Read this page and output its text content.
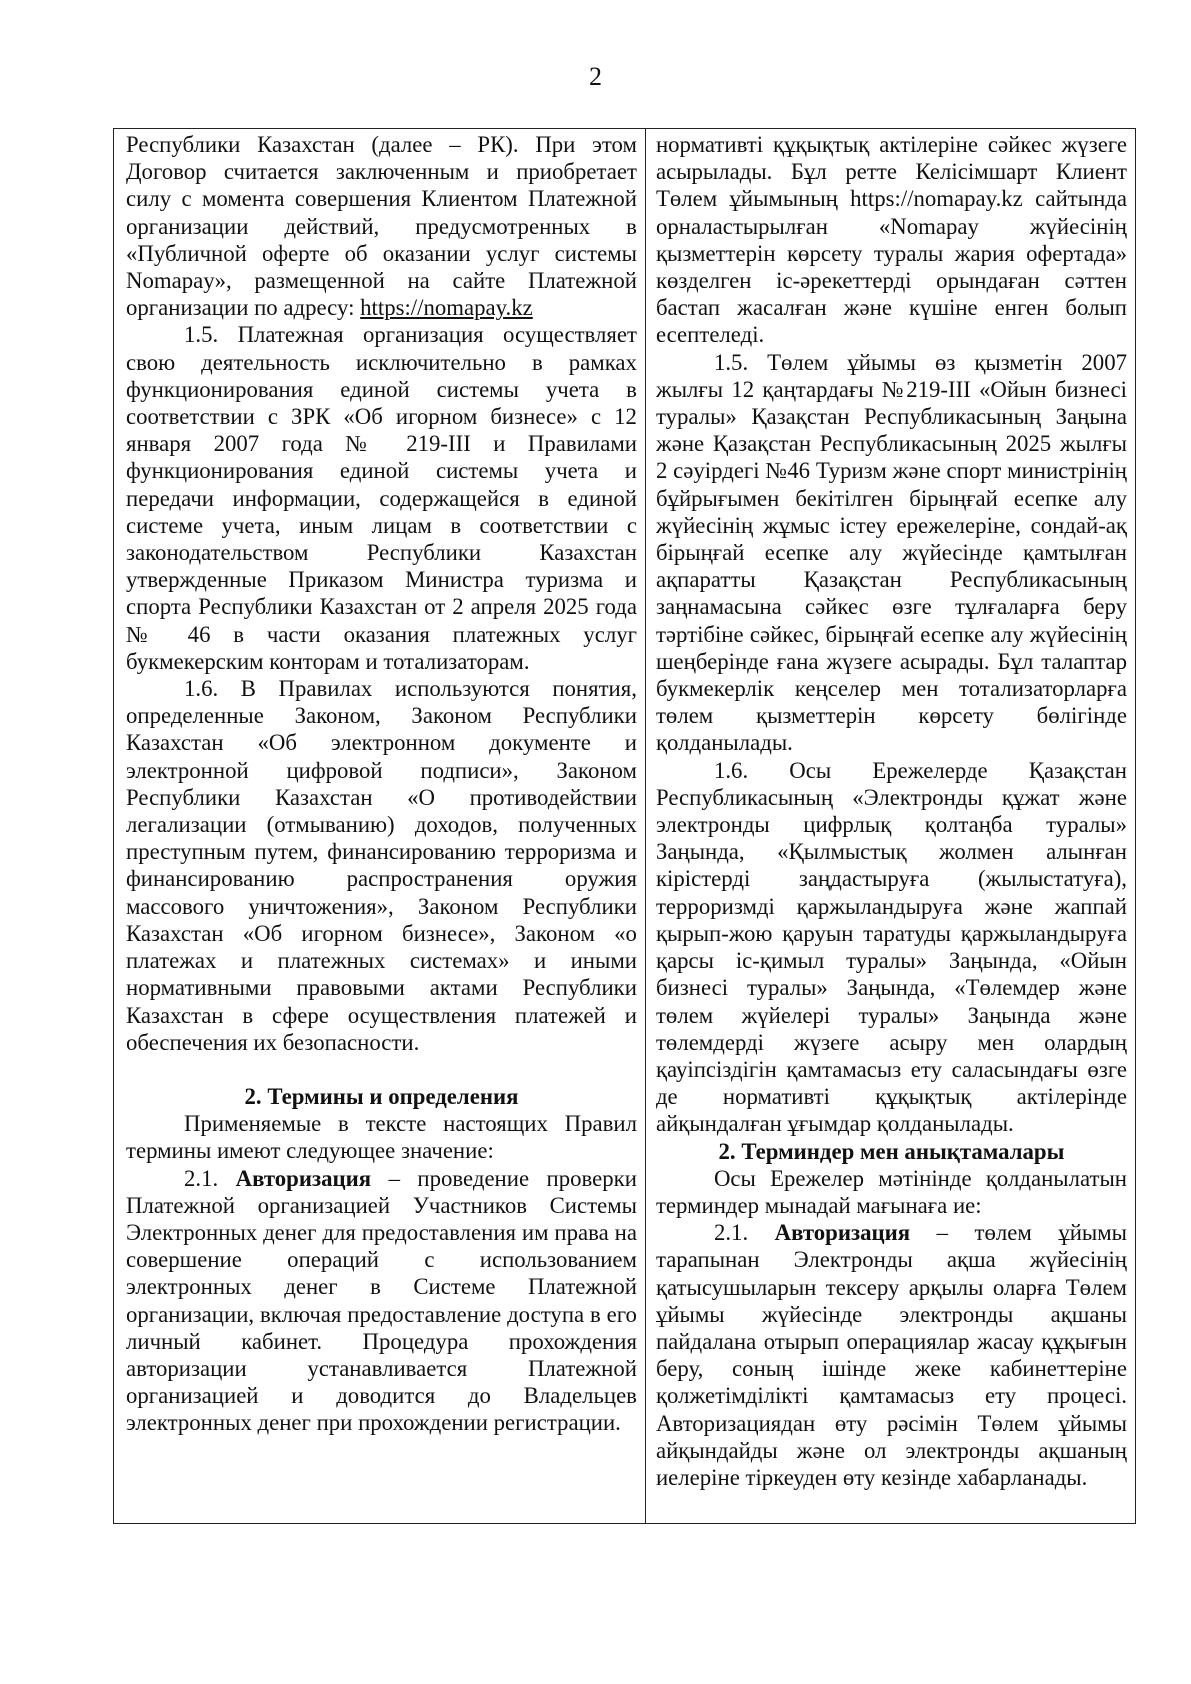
2

Республики Казахстан (далее – РК). При этом Договор считается заключенным и приобретает силу с момента совершения Клиентом Платежной организации действий, предусмотренных в «Публичной оферте об оказании услуг системы Nomapay», размещенной на сайте Платежной организации по адресу: https://nomapay.kz

1.5. Платежная организация осуществляет свою деятельность исключительно в рамках функционирования единой системы учета в соответствии с ЗРК «Об игорном бизнесе» с 12 января 2007 года № 219-III и Правилами функционирования единой системы учета и передачи информации, содержащейся в единой системе учета, иным лицам в соответствии с законодательством Республики Казахстан утвержденные Приказом Министра туризма и спорта Республики Казахстан от 2 апреля 2025 года № 46 в части оказания платежных услуг букмекерским конторам и тотализаторам.

1.6. В Правилах используются понятия, определенные Законом, Законом Республики Казахстан «Об электронном документе и электронной цифровой подписи», Законом Республики Казахстан «О противодействии легализации (отмыванию) доходов, полученных преступным путем, финансированию терроризма и финансированию распространения оружия массового уничтожения», Законом Республики Казахстан «Об игорном бизнесе», Законом «о платежах и платежных системах» и иными нормативными правовыми актами Республики Казахстан в сфере осуществления платежей и обеспечения их безопасности.

2. Термины и определения

Применяемые в тексте настоящих Правил термины имеют следующее значение:

2.1. Авторизация – проведение проверки Платежной организацией Участников Системы Электронных денег для предоставления им права на совершение операций с использованием электронных денег в Системе Платежной организации, включая предоставление доступа в его личный кабинет. Процедура прохождения авторизации устанавливается Платежной организацией и доводится до Владельцев электронных денег при прохождении регистрации.

нормативті құқықтық актілеріне сәйкес жүзеге асырылады. Бұл ретте Келісімшарт Клиент Төлем ұйымының https://nomapay.kz сайтында орналастырылған «Nomapay жүйесінің қызметтерін көрсету туралы жария офертада» көзделген іс-әрекеттерді орындаған сәттен бастап жасалған және күшіне енген болып есептеледі.

1.5. Төлем ұйымы өз қызметін 2007 жылғы 12 қаңтардағы №219-III «Ойын бизнесі туралы» Қазақстан Республикасының Заңына және Қазақстан Республикасының 2025 жылғы 2 сәуірдегі №46 Туризм және спорт министрінің бұйрығымен бекітілген бірыңғай есепке алу жүйесінің жұмыс істеу ережелеріне, сондай-ақ бірыңғай есепке алу жүйесінде қамтылған ақпаратты Қазақстан Республикасының заңнамасына сәйкес өзге тұлғаларға беру тәртібіне сәйкес, бірыңғай есепке алу жүйесінің шеңберінде ғана жүзеге асырады. Бұл талаптар букмекерлік кеңселер мен тотализаторларға төлем қызметтерін көрсету бөлігінде қолданылады.

1.6. Осы Ережелерде Қазақстан Республикасының «Электронды құжат және электронды цифрлық қолтаңба туралы» Заңында, «Қылмыстық жолмен алынған кірістерді заңдастыруға (жылыстатуға), терроризмді қаржыландыруға және жаппай қырып-жою қаруын таратуды қаржыландыруға қарсы іс-қимыл туралы» Заңында, «Ойын бизнесі туралы» Заңында, «Төлемдер және төлем жүйелері туралы» Заңында және төлемдерді жүзеге асыру мен олардың қауіпсіздігін қамтамасыз ету саласындағы өзге де нормативті құқықтық актілерінде айқындалған ұғымдар қолданылады.

2. Терминдер мен анықтамалары

Осы Ережелер мәтінінде қолданылатын терминдер мынадай мағынаға ие:

2.1. Авторизация – төлем ұйымы тарапынан Электронды ақша жүйесінің қатысушыларын тексеру арқылы оларға Төлем ұйымы жүйесінде электронды ақшаны пайдалана отырып операциялар жасау құқығын беру, соның ішінде жеке кабинеттеріне қолжетімділікті қамтамасыз ету процесі. Авторизациядан өту рәсімін Төлем ұйымы айқындайды және ол электронды ақшаның иелеріне тіркеуден өту кезінде хабарланады.
